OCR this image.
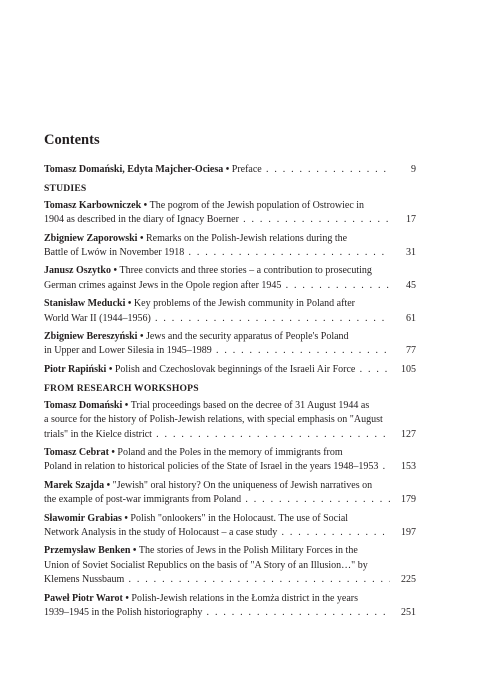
Contents
Tomasz Domański, Edyta Majcher-Ociesa • Preface . . .	9
STUDIES
Tomasz Karbowniczek • The pogrom of the Jewish population of Ostrowiec in
1904 as described in the diary of Ignacy Boerner . . .	17
Zbigniew Zaporowski • Remarks on the Polish-Jewish relations during the
Battle of Lwów in November 1918 . . .	31
Janusz Oszytko • Three convicts and three stories – a contribution to prosecuting
German crimes against Jews in the Opole region after 1945 . . .	45
Stanisław Meducki • Key problems of the Jewish community in Poland after
World War II (1944–1956) . . .	61
Zbigniew Bereszyński • Jews and the security apparatus of People's Poland
in Upper and Lower Silesia in 1945–1989 . . .	77
Piotr Rapiński • Polish and Czechoslovak beginnings of the Israeli Air Force . . .	105
FROM RESEARCH WORKSHOPS
Tomasz Domański • Trial proceedings based on the decree of 31 August 1944 as
a source for the history of Polish-Jewish relations, with special emphasis on "August
trials" in the Kielce district . . .	127
Tomasz Cebrat • Poland and the Poles in the memory of immigrants from
Poland in relation to historical policies of the State of Israel in the years 1948–1953 . . .	153
Marek Szajda • "Jewish" oral history? On the uniqueness of Jewish narratives on
the example of post-war immigrants from Poland . . .	179
Sławomir Grabias • Polish "onlookers" in the Holocaust. The use of Social
Network Analysis in the study of Holocaust – a case study . . .	197
Przemysław Benken • The stories of Jews in the Polish Military Forces in the
Union of Soviet Socialist Republics on the basis of "A Story of an Illusion…" by
Klemens Nussbaum . . .	225
Paweł Piotr Warot • Polish-Jewish relations in the Łomża district in the years
1939–1945 in the Polish historiography . . .	251
